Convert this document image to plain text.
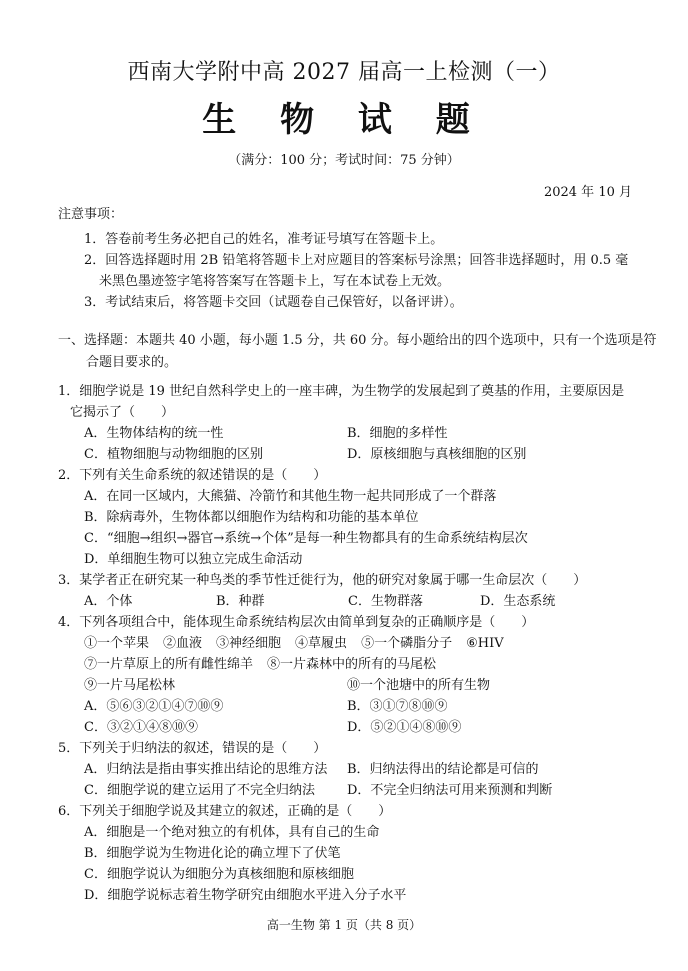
西南大学附中高 2027 届高一上检测（一）
生 物 试 题
（满分：100 分；考试时间：75 分钟）
2024 年 10 月
注意事项：

1．答卷前考生务必把自己的姓名，准考证号填写在答题卡上。

2．回答选择题时用 2B 铅笔将答题卡上对应题目的答案标号涂黑；回答非选择题时，用 0.5 毫米黑色墨迹签字笔将答案写在答题卡上，写在本试卷上无效。

3．考试结束后，将答题卡交回（试题卷自己保管好，以备评讲）。

一、选择题：本题共 40 小题，每小题 1.5 分，共 60 分。每小题给出的四个选项中，只有一个选项是符合题目要求的。
1．细胞学说是 19 世纪自然科学史上的一座丰碑，为生物学的发展起到了奠基的作用，主要原因是它揭示了（　　）
A．生物体结构的统一性	B．细胞的多样性
C．植物细胞与动物细胞的区别	D．原核细胞与真核细胞的区别
2．下列有关生命系统的叙述错误的是（　　）
A．在同一区域内，大熊猫、冷箭竹和其他生物一起共同形成了一个群落
B．除病毒外，生物体都以细胞作为结构和功能的基本单位
C．“细胞→组织→器官→系统→个体”是每一种生物都具有的生命系统结构层次
D．单细胞生物可以独立完成生命活动
3．某学者正在研究某一种鸟类的季节性迁徙行为，他的研究对象属于哪一生命层次（　　）
A．个体	B．种群	C．生物群落	D．生态系统
4．下列各项组合中，能体现生命系统结构层次由简单到复杂的正确顺序是（　　）
①一个苹果 ②血液 ③神经细胞 ④草履虫 ⑤一个磷脂分子 ⑥HIV
⑦一片草原上的所有雌性绵羊 ⑧一片森林中的所有的马尾松
⑨一片马尾松林	⑩一个池塘中的所有生物
A．⑤⑥③②①④⑦⑩⑨	B．③①⑦⑧⑩⑨
C．③②①④⑧⑩⑨	D．⑤②①④⑧⑩⑨
5．下列关于归纳法的叙述，错误的是（　　）
A．归纳法是指由事实推出结论的思维方法	B．归纳法得出的结论都是可信的
C．细胞学说的建立运用了不完全归纳法	D．不完全归纳法可用来预测和判断
6．下列关于细胞学说及其建立的叙述，正确的是（　　）
A．细胞是一个绝对独立的有机体，具有自己的生命
B．细胞学说为生物进化论的确立埋下了伏笔
C．细胞学说认为细胞分为真核细胞和原核细胞
D．细胞学说标志着生物学研究由细胞水平进入分子水平
高一生物 第 1 页（共 8 页）
